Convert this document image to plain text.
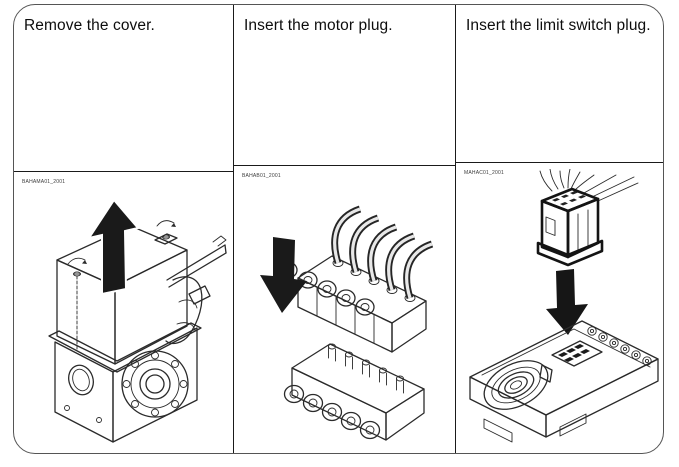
Remove the cover.
BAHAMA01_2001
Insert the motor plug.
BAHAB01_2001
Insert the limit switch plug.
MAHAC01_2001
